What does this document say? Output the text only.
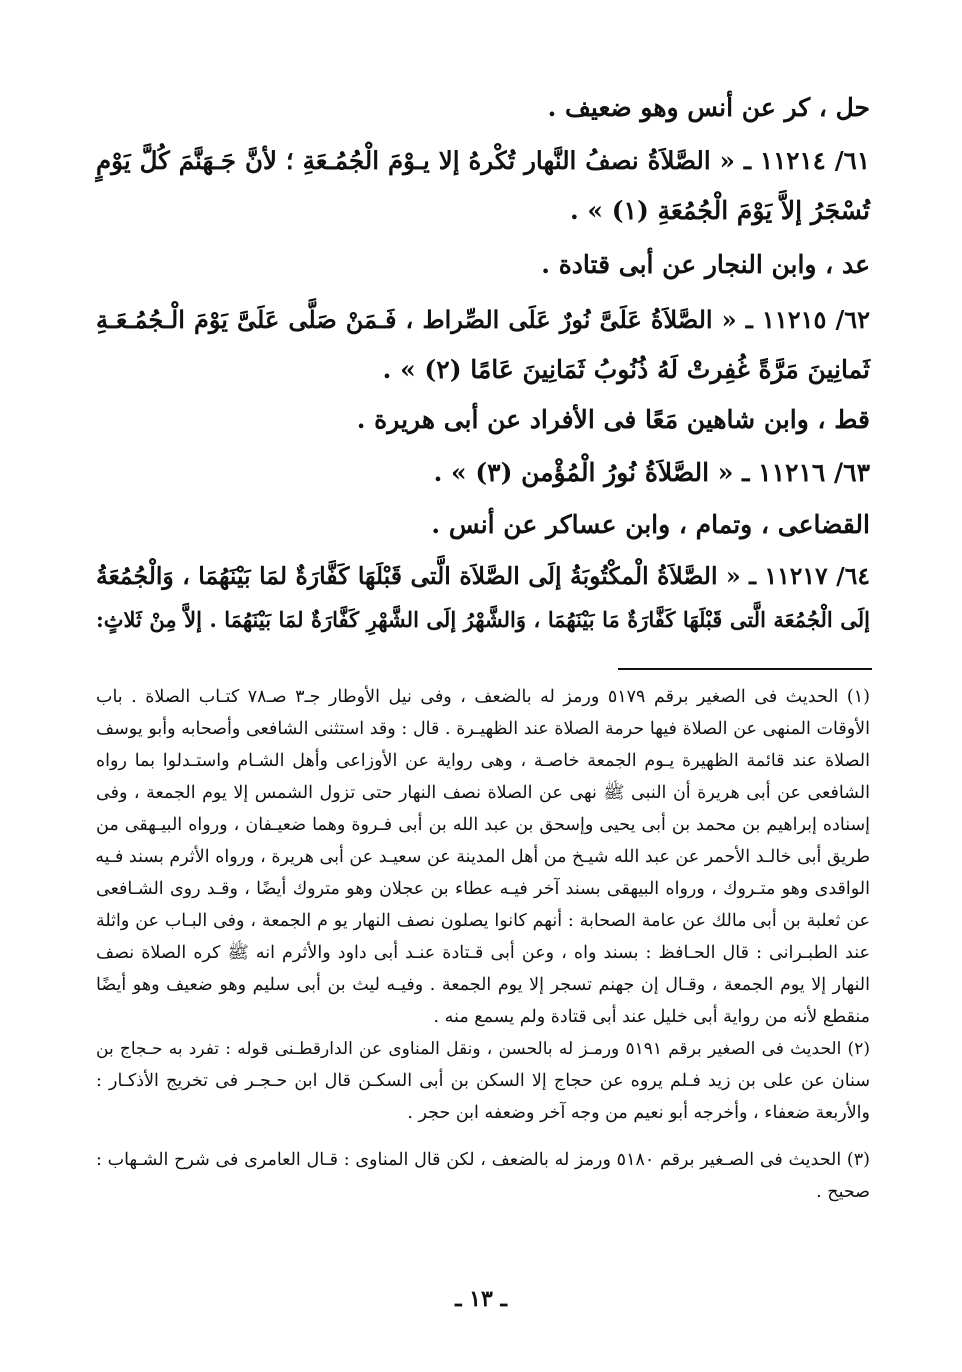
حل ، كر عن أنس وهو ضعيف .
٦١/ ١١٢١٤ ـ « الصَّلاَةُ نصفُ النَّهار تُكْرهُ إلا يـوْمَ الْجُمُـعَةِ ؛ لأنَّ جَـهَنَّمَ كُلَّ يَوْمٍ
تُسْجَرُ إلاَّ يَوْمَ الْجُمُعَةِ (١) » .
عد ، وابن النجار عن أبى قتادة .
٦٢/ ١١٢١٥ ـ « الصَّلاَةُ عَلَىَّ نُورٌ عَلَى الصِّراط ، فَـمَنْ صَلَّى عَلَىَّ يَوْمَ الْـجُمُـعَـةِ
ثَمانِينَ مَرَّةً غُفِرتْ لَهُ ذُنُوبُ ثَمَانِينَ عَامًا (٢) » .
قط ، وابن شاهين مَعًا فى الأفراد عن أبى هريرة .
٦٣/ ١١٢١٦ ـ « الصَّلاَةُ نُورُ الْمُؤْمن (٣) » .
القضاعى ، وتمام ، وابن عساكر عن أنس .
٦٤/ ١١٢١٧ ـ « الصَّلاَةُ الْمكْتُوبَةُ إلَى الصَّلاَة الَّتى قَبْلَهَا كَفَّارَةٌ لمَا بَيْنَهُمَا ، وَالْجُمُعَةُ
إلَى الْجُمُعَة الَّتى قَبْلَهَا كَفَّارَةٌ مَا بَيْنَهُمَا ، وَالشَّهْرُ إلَى الشَّهْرِ كَفَّارَةٌ لمَا بَيْنَهُمَا . إلاَّ مِنْ ثَلاثٍ:
(١) الحديث فى الصغير برقم ٥١٧٩ ورمز له بالضعف ، وفى نيل الأوطار جـ٣ صـ٧٨ كتـاب الصلاة . باب
الأوقات المنهى عن الصلاة فيها حرمة الصلاة عند الظهيـرة . قال : وقد استثنى الشافعى وأصحابه وأبو يوسف
الصلاة عند قائمة الظهيرة يـوم الجمعة خاصـة ، وهى رواية عن الأوزاعى وأهل الشـام واستـدلوا بما رواه
الشافعى عن أبى هريرة أن النبى ﷺ نهى عن الصلاة نصف النهار حتى تزول الشمس إلا يوم الجمعة ، وفى
إسناده إبراهيم بن محمد بن أبى يحيى وإسحق بن عبد الله بن أبى فـروة وهما ضعيـفان ، ورواه البيـهقى من
طريق أبى خالـد الأحمر عن عبد الله شيـخ من أهل المدينة عن سعيـد عن أبى هريرة ، ورواه الأثرم بسند فـيه
الواقدى وهو متـروك ، ورواه البيهقى بسند آخر فيـه عطاء بن عجلان وهو متروك أيضًا ، وقـد روى الشـافعى
عن ثعلبة بن أبى مالك عن عامة الصحابة : أنهم كانوا يصلون نصف النهار يو م الجمعة ، وفى البـاب عن واثلة
عند الطبـرانى : قال الحـافظ : بسند واه ، وعن أبى قـتادة عنـد أبى داود والأثرم انه ﷺ كره الصلاة نصف
النهار إلا يوم الجمعة ، وقـال إن جهنم تسجر إلا يوم الجمعة . وفيـه ليث بن أبى سليم وهو ضعيف وهو أيضًا
منقطع لأنه من رواية أبى خليل عند أبى قتادة ولم يسمع منه .
(٢) الحديث فى الصغير برقم ٥١٩١ ورمـز له بالحسن ، ونقل المناوى عن الدارقطـنى قوله : تفرد به حـجاج بن
سنان عن على بن زيد فـلم يروه عن حجاج إلا السكن بن أبى السكـن قال ابن حـجـر فى تخريج الأذكـار :
والأربعة ضعفاء ، وأخرجه أبو نعيم من وجه آخر وضعفه ابن حجر .
(٣) الحديث فى الصـغير برقم ٥١٨٠ ورمز له بالضعف ، لكن قال المناوى : قـال العامرى فى شرح الشـهاب :
صحيح .
ـ ١٣ ـ
